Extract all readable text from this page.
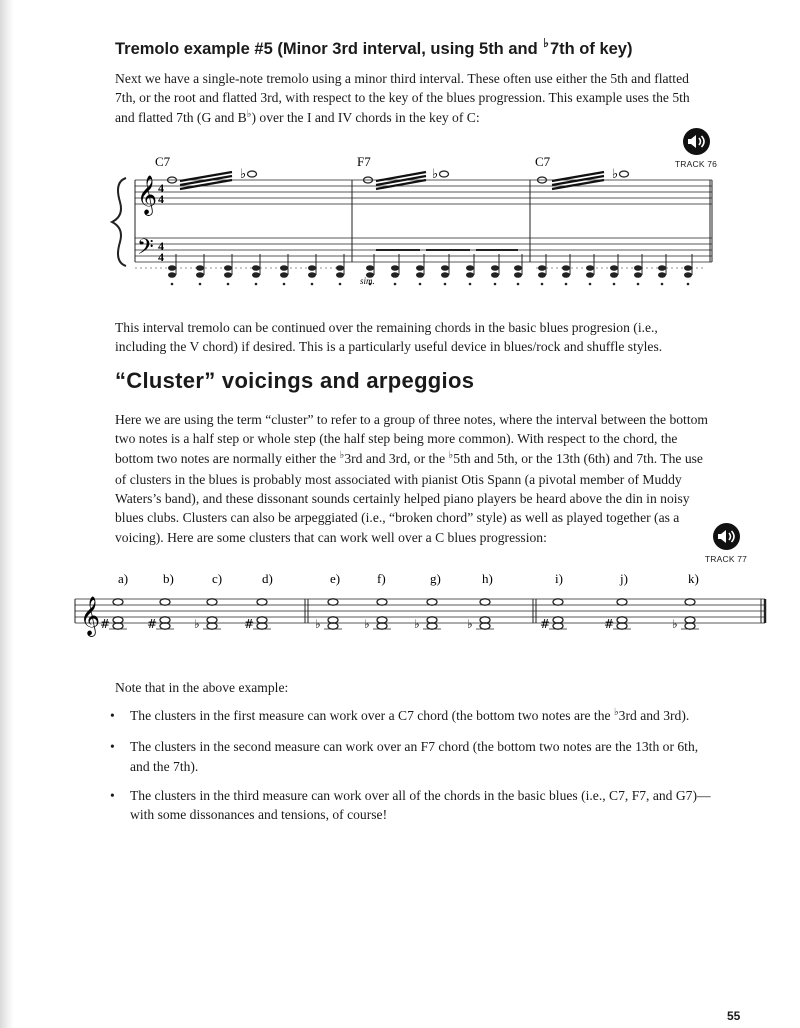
Tremolo example #5 (Minor 3rd interval, using 5th and ♭7th of key)
Next we have a single-note tremolo using a minor third interval. These often use either the 5th and flatted 7th, or the root and flatted 3rd, with respect to the key of the blues progression. This example uses the 5th and flatted 7th (G and B♭) over the I and IV chords in the key of C:
TRACK 76
C7	F7	C7
𝄞
𝄢
4
4
4
4
♭	♭	♭
sim.
This interval tremolo can be continued over the remaining chords in the basic blues progresion (i.e., including the V chord) if desired. This is a particularly useful device in blues/rock and shuffle styles.
“Cluster” voicings and arpeggios
Here we are using the term “cluster” to refer to a group of three notes, where the interval between the bottom two notes is a half step or whole step (the half step being more common). With respect to the chord, the bottom two notes are normally either the ♭3rd and 3rd, or the ♭5th and 5th, or the 13th (6th) and 7th. The use of clusters in the blues is probably most associated with pianist Otis Spann (a pivotal member of Muddy Waters’s band), and these dissonant sounds certainly helped piano players be heard above the din in noisy blues clubs. Clusters can also be arpeggiated (i.e., “broken chord” style) as well as played together (as a voicing). Here are some clusters that can work well over a C blues progression:
TRACK 77
a)	b)	c)	d)	e)	f)	g)	h)	i)	j)	k)
𝄞 #	#	♭	#	♭	♭	♭	♭	#	#	♭
Note that in the above example:
• The clusters in the first measure can work over a C7 chord (the bottom two notes are the ♭3rd and 3rd).
• The clusters in the second measure can work over an F7 chord (the bottom two notes are the 13th or 6th, and the 7th).
• The clusters in the third measure can work over all of the chords in the basic blues (i.e., C7, F7, and G7)—with some dissonances and tensions, of course!
55
